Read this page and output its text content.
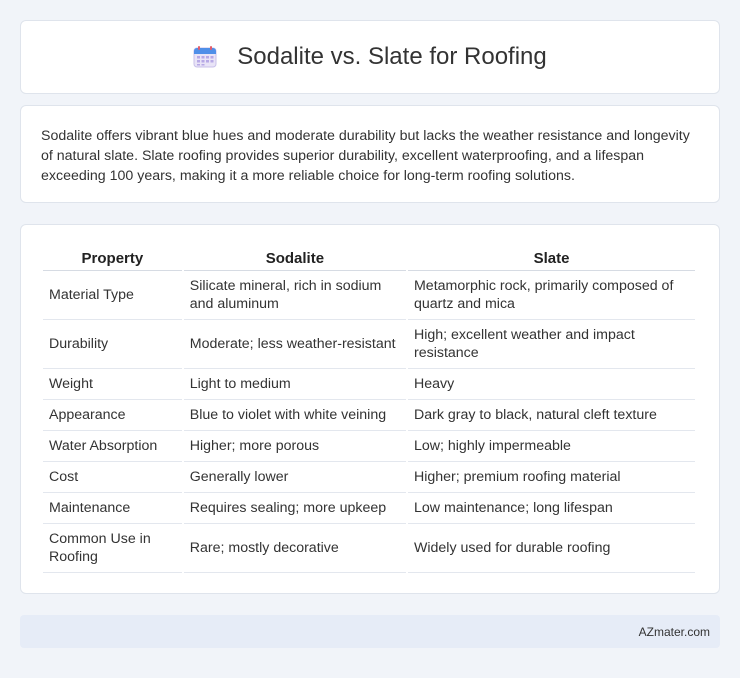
Sodalite vs. Slate for Roofing

Sodalite offers vibrant blue hues and moderate durability but lacks the weather resistance and longevity of natural slate. Slate roofing provides superior durability, excellent waterproofing, and a lifespan exceeding 100 years, making it a more reliable choice for long-term roofing solutions.

Property	Sodalite	Slate
Material Type	Silicate mineral, rich in sodium and aluminum	Metamorphic rock, primarily composed of quartz and mica
Durability	Moderate; less weather-resistant	High; excellent weather and impact resistance
Weight	Light to medium	Heavy
Appearance	Blue to violet with white veining	Dark gray to black, natural cleft texture
Water Absorption	Higher; more porous	Low; highly impermeable
Cost	Generally lower	Higher; premium roofing material
Maintenance	Requires sealing; more upkeep	Low maintenance; long lifespan
Common Use in Roofing	Rare; mostly decorative	Widely used for durable roofing
AZmater.com
